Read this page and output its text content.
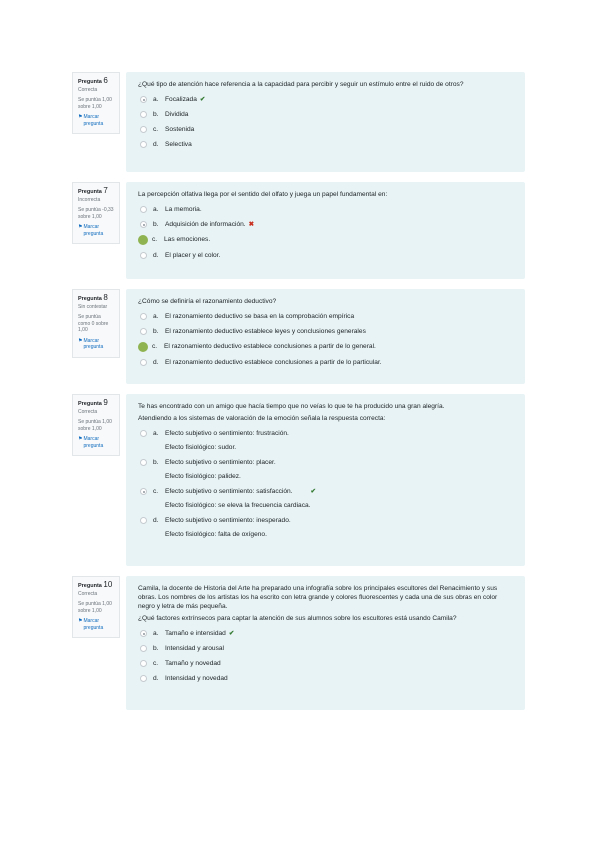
Pregunta 6
Correcta
Se puntúa 1,00 sobre 1,00
⚑ Marcar pregunta

¿Qué tipo de atención hace referencia a la capacidad para percibir y seguir un estímulo entre el ruido de otros?

a. Focalizada ✔
b. Dividida
c.	Sostenida
d. Selectiva
Pregunta 7
Incorrecta
Se puntúa -0,33 sobre 1,00
⚑ Marcar pregunta

La percepción olfativa llega por el sentido del olfato y juega un papel fundamental en:

a. La memoria.
b. Adquisición de información. ✖
c.	Las emociones.
d. El placer y el color.
Pregunta 8
Sin contestar
Se puntúa como 0 sobre 1,00
⚑ Marcar pregunta

¿Cómo se definiría el razonamiento deductivo?

a. El razonamiento deductivo se basa en la comprobación empírica
b. El razonamiento deductivo establece leyes y conclusiones generales
c.	El razonamiento deductivo establece conclusiones a partir de lo general.
d. El razonamiento deductivo establece conclusiones a partir de lo particular.
Pregunta 9
Correcta
Se puntúa 1,00 sobre 1,00
⚑ Marcar pregunta

Te has encontrado con un amigo que hacía tiempo que no veías lo que te ha producido una gran alegría.

Atendiendo a los sistemas de valoración de la emoción señala la respuesta correcta:

a. Efecto subjetivo o sentimiento: frustración.
Efecto fisiológico: sudor.
b. Efecto subjetivo o sentimiento: placer.
Efecto fisiológico: palidez.
c.	Efecto subjetivo o sentimiento: satisfacción.	✔
Efecto fisiológico: se eleva la frecuencia cardiaca.
d. Efecto subjetivo o sentimiento: inesperado.
Efecto fisiológico: falta de oxígeno.
Pregunta 10
Correcta
Se puntúa 1,00 sobre 1,00
⚑ Marcar pregunta

Camila, la docente de Historia del Arte ha preparado una infografía sobre los principales escultores del Renacimiento y sus obras. Los nombres de los artistas los ha escrito con letra grande y colores fluorescentes y cada una de sus obras en color negro y letra de más pequeña.

¿Qué factores extrínsecos para captar la atención de sus alumnos sobre los escultores está usando Camila?

a. Tamaño e intensidad ✔
b. Intensidad y arousal
c.	Tamaño y novedad
d. Intensidad y novedad
